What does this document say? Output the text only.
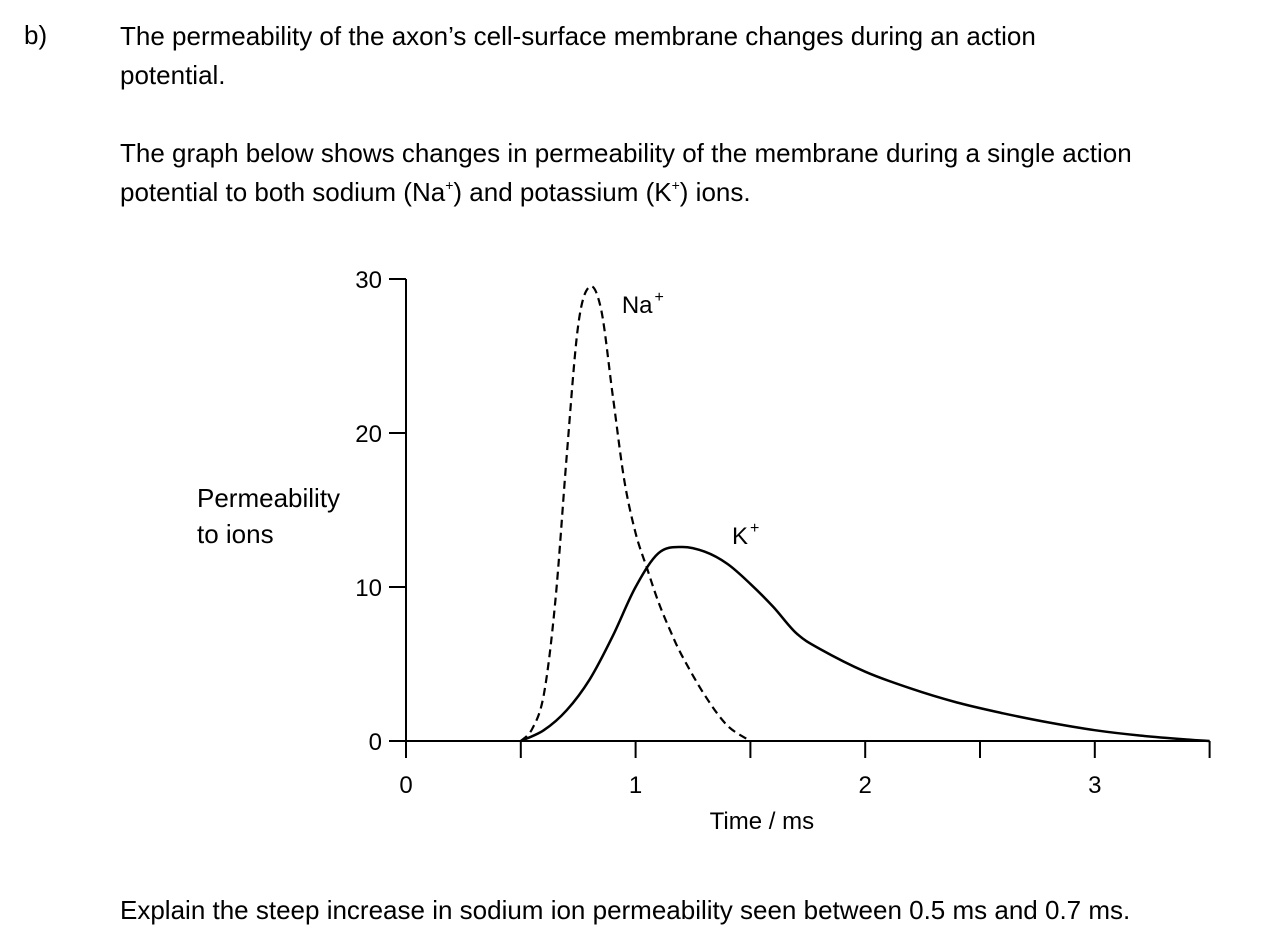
b)	The permeability of the axon’s cell-surface membrane changes during an action
potential.
The graph below shows changes in permeability of the membrane during a single action
potential to both sodium (Na+) and potassium (K+) ions.
0
10
20
30
0	1	2	3
Time / ms
Permeability
to ions
Na +
K +
Explain the steep increase in sodium ion permeability seen between 0.5 ms and 0.7 ms.
